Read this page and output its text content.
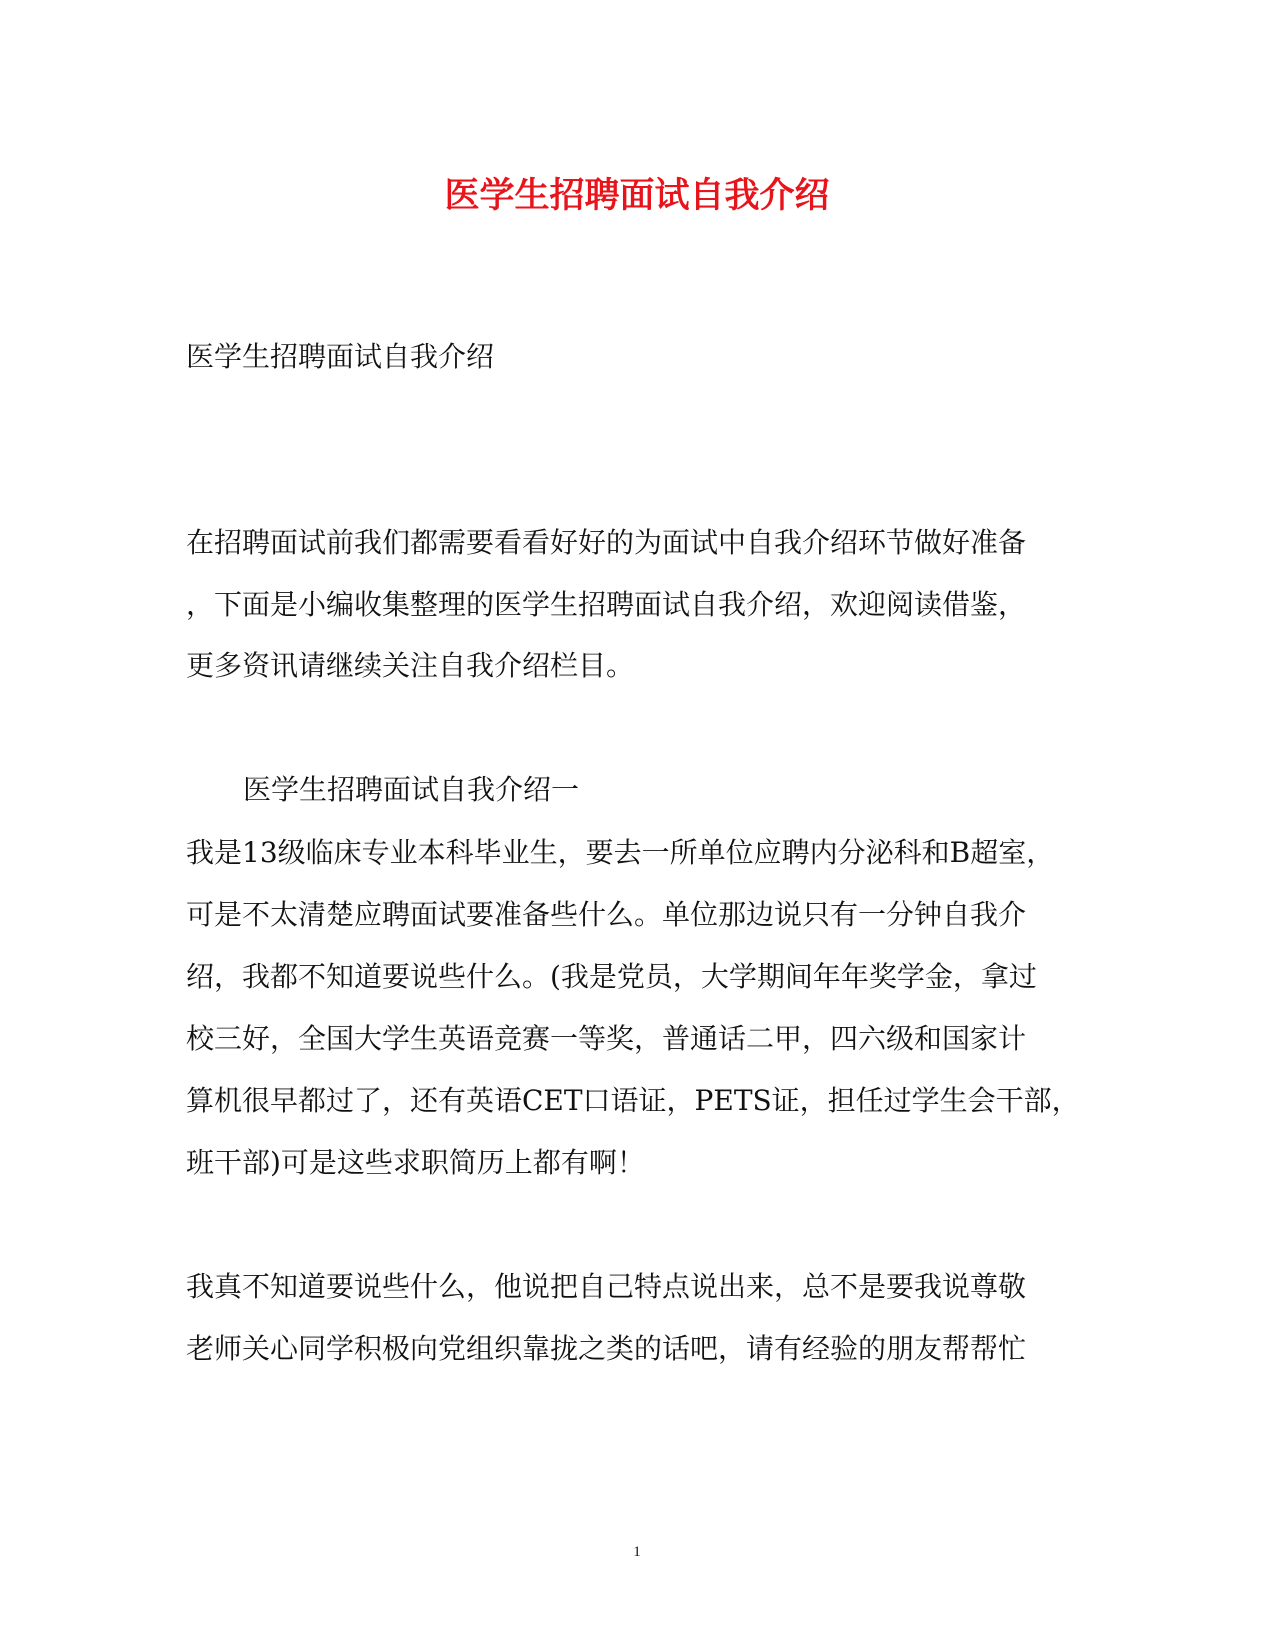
医学生招聘面试自我介绍
医学生招聘面试自我介绍
在招聘面试前我们都需要看看好好的为面试中自我介绍环节做好准备
，下面是小编收集整理的医学生招聘面试自我介绍，欢迎阅读借鉴，
更多资讯请继续关注自我介绍栏目。
医学生招聘面试自我介绍一
我是13级临床专业本科毕业生，要去一所单位应聘内分泌科和B超室，
可是不太清楚应聘面试要准备些什么。单位那边说只有一分钟自我介
绍，我都不知道要说些什么。(我是党员，大学期间年年奖学金，拿过
校三好，全国大学生英语竞赛一等奖，普通话二甲，四六级和国家计
算机很早都过了，还有英语CET口语证，PETS证，担任过学生会干部，
班干部)可是这些求职简历上都有啊！
我真不知道要说些什么，他说把自己特点说出来，总不是要我说尊敬
老师关心同学积极向党组织靠拢之类的话吧，请有经验的朋友帮帮忙
1
